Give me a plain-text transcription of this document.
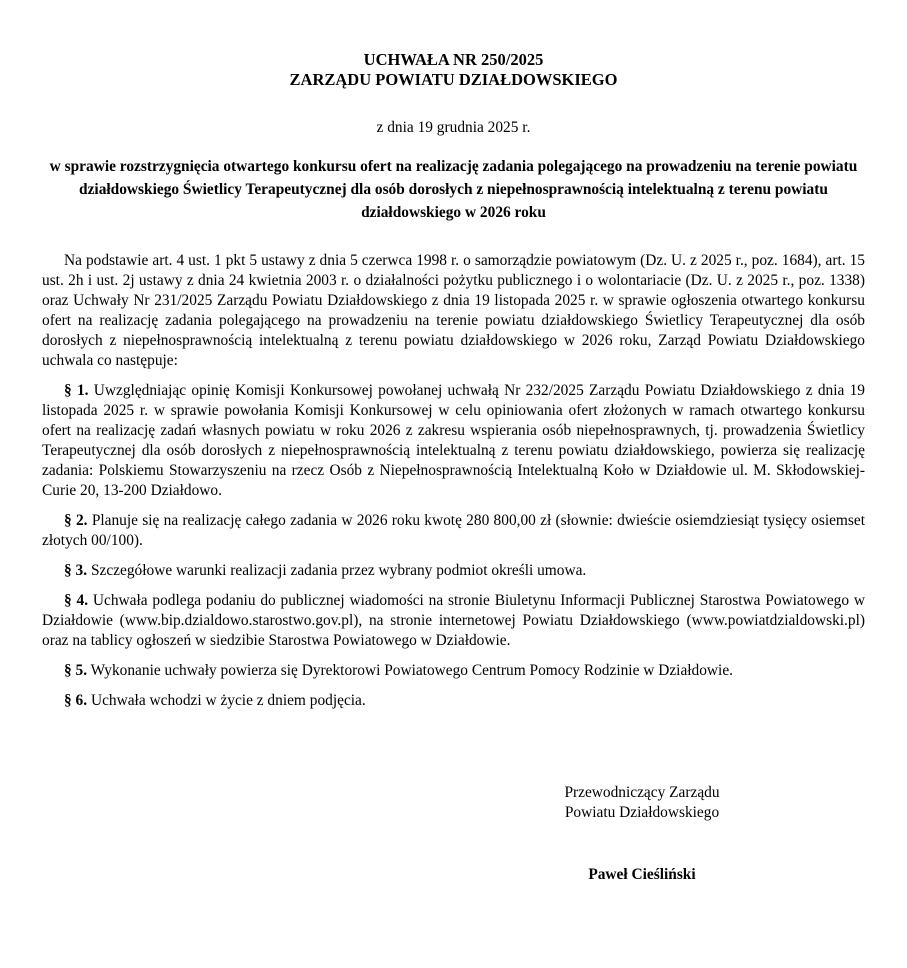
UCHWAŁA NR 250/2025
ZARZĄDU POWIATU DZIAŁDOWSKIEGO
z dnia 19 grudnia 2025 r.
w sprawie rozstrzygnięcia otwartego konkursu ofert na realizację zadania polegającego na prowadzeniu na terenie powiatu działdowskiego Świetlicy Terapeutycznej dla osób dorosłych z niepełnosprawnością intelektualną z terenu powiatu działdowskiego w 2026 roku

Na podstawie art. 4 ust. 1 pkt 5 ustawy z dnia 5 czerwca 1998 r. o samorządzie powiatowym (Dz. U. z 2025 r., poz. 1684), art. 15 ust. 2h i ust. 2j ustawy z dnia 24 kwietnia 2003 r. o działalności pożytku publicznego i o wolontariacie (Dz. U. z 2025 r., poz. 1338) oraz Uchwały Nr 231/2025 Zarządu Powiatu Działdowskiego z dnia 19 listopada 2025 r. w sprawie ogłoszenia otwartego konkursu ofert na realizację zadania polegającego na prowadzeniu na terenie powiatu działdowskiego Świetlicy Terapeutycznej dla osób dorosłych z niepełnosprawnością intelektualną z terenu powiatu działdowskiego w 2026 roku, Zarząd Powiatu Działdowskiego uchwala co następuje:

§ 1. Uwzględniając opinię Komisji Konkursowej powołanej uchwałą Nr 232/2025 Zarządu Powiatu Działdowskiego z dnia 19 listopada 2025 r. w sprawie powołania Komisji Konkursowej w celu opiniowania ofert złożonych w ramach otwartego konkursu ofert na realizację zadań własnych powiatu w roku 2026 z zakresu wspierania osób niepełnosprawnych, tj. prowadzenia Świetlicy Terapeutycznej dla osób dorosłych z niepełnosprawnością intelektualną z terenu powiatu działdowskiego, powierza się realizację zadania: Polskiemu Stowarzyszeniu na rzecz Osób z Niepełnosprawnością Intelektualną Koło w Działdowie ul. M. Skłodowskiej-Curie 20, 13-200 Działdowo.

§ 2. Planuje się na realizację całego zadania w 2026 roku kwotę 280 800,00 zł (słownie: dwieście osiemdziesiąt tysięcy osiemset złotych 00/100).

§ 3. Szczegółowe warunki realizacji zadania przez wybrany podmiot określi umowa.

§ 4. Uchwała podlega podaniu do publicznej wiadomości na stronie Biuletynu Informacji Publicznej Starostwa Powiatowego w Działdowie (www.bip.dzialdowo.starostwo.gov.pl), na stronie internetowej Powiatu Działdowskiego (www.powiatdzialdowski.pl) oraz na tablicy ogłoszeń w siedzibie Starostwa Powiatowego w Działdowie.

§ 5. Wykonanie uchwały powierza się Dyrektorowi Powiatowego Centrum Pomocy Rodzinie w Działdowie.

§ 6. Uchwała wchodzi w życie z dniem podjęcia.

Przewodniczący Zarządu
Powiatu Działdowskiego
Paweł Cieśliński
